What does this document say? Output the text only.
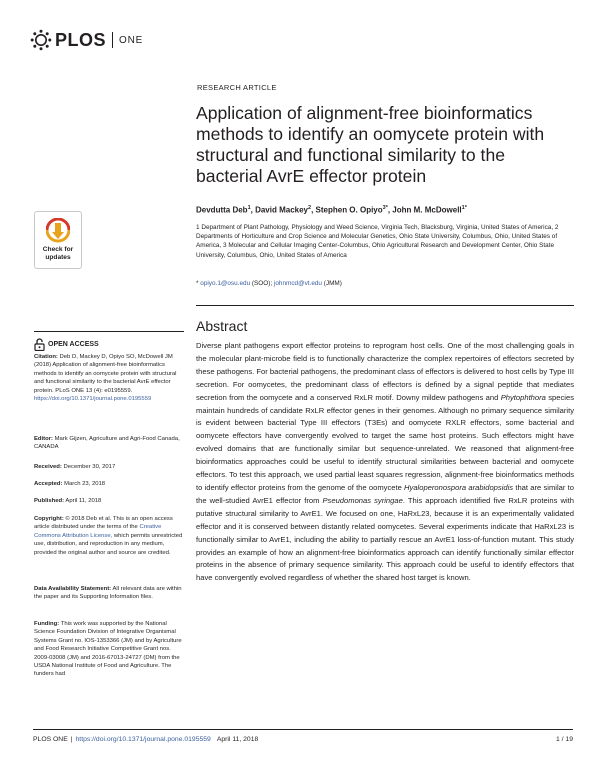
PLOS ONE
RESEARCH ARTICLE
Application of alignment-free bioinformatics methods to identify an oomycete protein with structural and functional similarity to the bacterial AvrE effector protein
Devdutta Deb$^1$, David Mackey$^2$, Stephen O. Opiyo$^{3*}$, John M. McDowell$^{1*}$
1 Department of Plant Pathology, Physiology and Weed Science, Virginia Tech, Blacksburg, Virginia, United States of America, 2 Departments of Horticulture and Crop Science and Molecular Genetics, Ohio State University, Columbus, Ohio, United States of America, 3 Molecular and Cellular Imaging Center-Columbus, Ohio Agricultural Research and Development Center, Ohio State University, Columbus, Ohio, United States of America
* opiyo.1@osu.edu (SOO); johnmcd@vt.edu (JMM)
Check for
updates
OPEN ACCESS
Citation: Deb D, Mackey D, Opiyo SO, McDowell JM (2018) Application of alignment-free bioinformatics methods to identify an oomycete protein with structural and functional similarity to the bacterial AvrE effector protein. PLoS ONE 13 (4): e0195559. https://doi.org/10.1371/journal.pone.0195559
Editor: Mark Gijzen, Agriculture and Agri-Food Canada, CANADA
Received: December 30, 2017
Accepted: March 23, 2018
Published: April 11, 2018
Copyright: © 2018 Deb et al. This is an open access article distributed under the terms of the Creative Commons Attribution License, which permits unrestricted use, distribution, and reproduction in any medium, provided the original author and source are credited.
Data Availability Statement: All relevant data are within the paper and its Supporting Information files.
Funding: This work was supported by the National Science Foundation Division of Integrative Organismal Systems Grant no. IOS-1353366 (JM) and by Agriculture and Food Research Initiative Competitive Grant nos. 2009-03008 (JM) and 2016-67013-24727 (DM) from the USDA National Institute of Food and Agriculture. The funders had
Abstract
Diverse plant pathogens export effector proteins to reprogram host cells. One of the most challenging goals in the molecular plant-microbe field is to functionally characterize the complex repertoires of effectors secreted by these pathogens. For bacterial pathogens, the predominant class of effectors is delivered to host cells by Type III secretion. For oomycetes, the predominant class of effectors is defined by a signal peptide that mediates secretion from the oomycete and a conserved RxLR motif. Downy mildew pathogens and Phytophthora species maintain hundreds of candidate RxLR effector genes in their genomes. Although no primary sequence similarity is evident between bacterial Type III effectors (T3Es) and oomycete RXLR effectors, some bacterial and oomycete effectors have convergently evolved to target the same host proteins. Such effectors might have evolved domains that are functionally similar but sequence-unrelated. We reasoned that alignment-free bioinformatics approaches could be useful to identify structural similarities between bacterial and oomycete effectors. To test this approach, we used partial least squares regression, alignment-free bioinformatics methods to identify effector proteins from the genome of the oomycete Hyaloperonospora arabidopsidis that are similar to the well-studied AvrE1 effector from Pseudomonas syringae. This approach identified five RxLR proteins with putative structural similarity to AvrE1. We focused on one, HaRxL23, because it is an experimentally validated effector and it is conserved between distantly related oomycetes. Several experiments indicate that HaRxL23 is functionally similar to AvrE1, including the ability to partially rescue an AvrE1 loss-of-function mutant. This study provides an example of how an alignment-free bioinformatics approach can identify functionally similar effector proteins in the absence of primary sequence similarity. This approach could be useful to identify effectors that have convergently evolved regardless of whether the shared host target is known.
PLOS ONE | https://doi.org/10.1371/journal.pone.0195559 April 11, 2018	1 / 19
